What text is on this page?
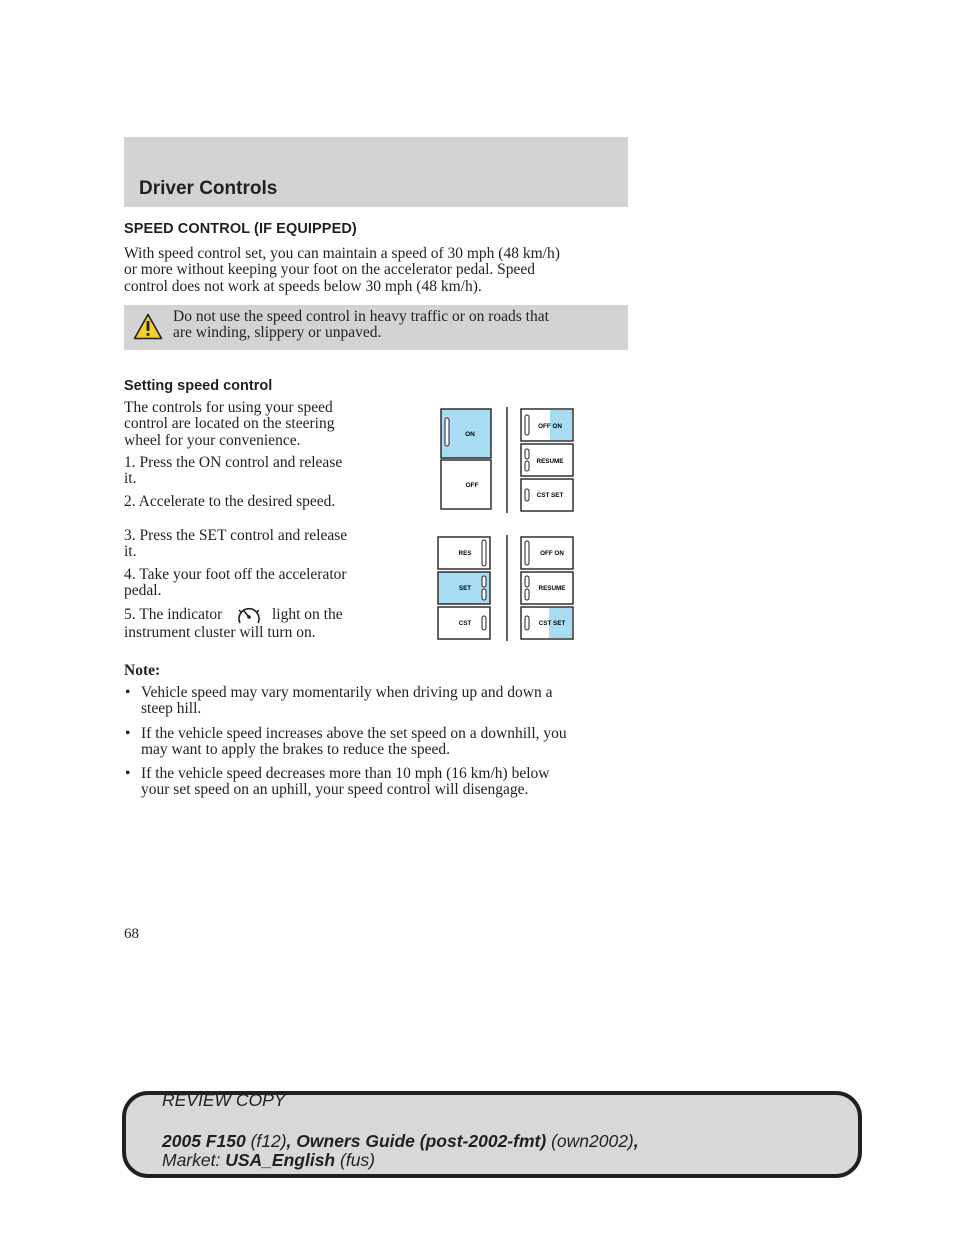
Driver Controls
SPEED CONTROL (IF EQUIPPED)
With speed control set, you can maintain a speed of 30 mph (48 km/h)
or more without keeping your foot on the accelerator pedal. Speed
control does not work at speeds below 30 mph (48 km/h).
Do not use the speed control in heavy traffic or on roads that
are winding, slippery or unpaved.
Setting speed control
The controls for using your speed
control are located on the steering
wheel for your convenience.
1. Press the ON control and release
it.
2. Accelerate to the desired speed.
3. Press the SET control and release
it.
4. Take your foot off the accelerator
pedal.
5. The indicator	light on the
instrument cluster will turn on.
ON
OFF
OFF ON
RESUME
CST SET
RES
SET
CST
OFF ON
RESUME
CST SET
Note:
• Vehicle speed may vary momentarily when driving up and down a
steep hill.
• If the vehicle speed increases above the set speed on a downhill, you
may want to apply the brakes to reduce the speed.
• If the vehicle speed decreases more than 10 mph (16 km/h) below
your set speed on an uphill, your speed control will disengage.
68
REVIEW COPY
2005 F150 (f12), Owners Guide (post-2002-fmt) (own2002),
Market: USA_English (fus)
